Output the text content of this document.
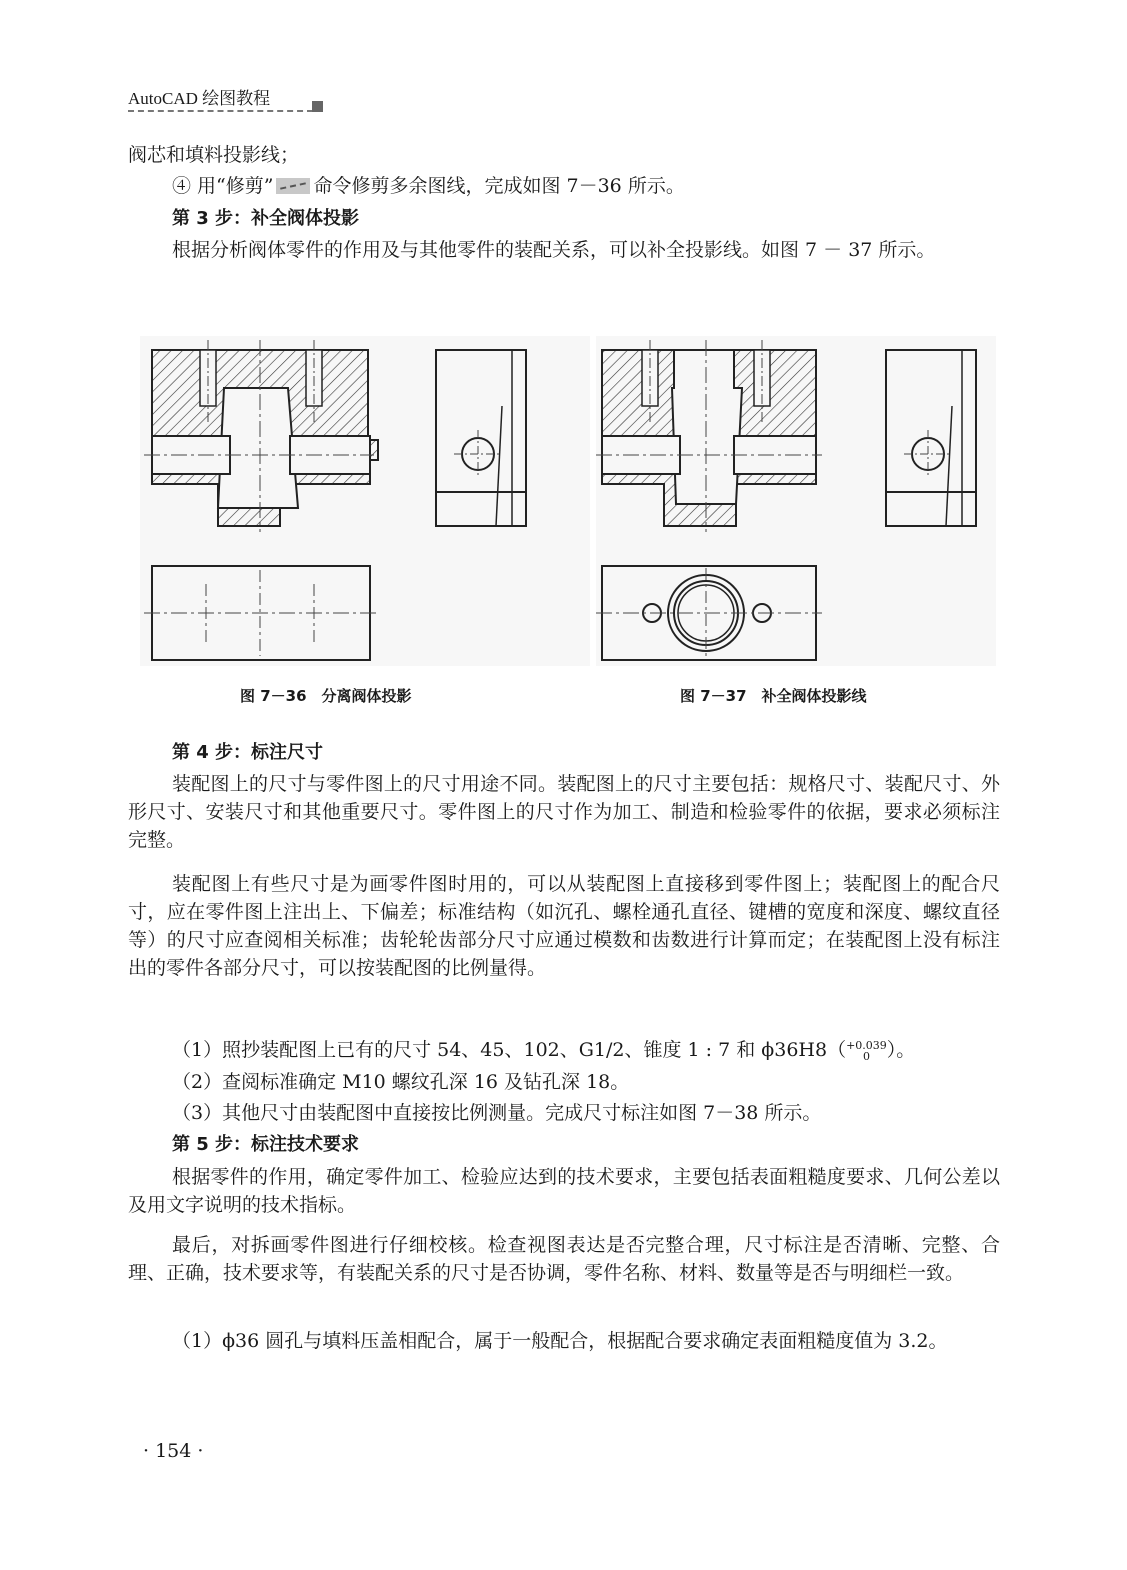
AutoCAD 绘图教程
阀芯和填料投影线；
④ 用“修剪” 命令修剪多余图线，完成如图 7－36 所示。
第 3 步：补全阀体投影
根据分析阀体零件的作用及与其他零件的装配关系，可以补全投影线。如图 7 － 37 所示。
图 7－36　分离阀体投影	图 7－37　补全阀体投影线
第 4 步：标注尺寸
装配图上的尺寸与零件图上的尺寸用途不同。装配图上的尺寸主要包括：规格尺寸、装配尺寸、外形尺寸、安装尺寸和其他重要尺寸。零件图上的尺寸作为加工、制造和检验零件的依据，要求必须标注完整。
装配图上有些尺寸是为画零件图时用的，可以从装配图上直接移到零件图上；装配图上的配合尺寸，应在零件图上注出上、下偏差；标准结构（如沉孔、螺栓通孔直径、键槽的宽度和深度、螺纹直径等）的尺寸应查阅相关标准；齿轮轮齿部分尺寸应通过模数和齿数进行计算而定；在装配图上没有标注出的零件各部分尺寸，可以按装配图的比例量得。
（1）照抄装配图上已有的尺寸 54、45、102、G1/2、锥度 1 : 7 和 ϕ36H8（ +0.039
0 ）。
（2）查阅标准确定 M10 螺纹孔深 16 及钻孔深 18。
（3）其他尺寸由装配图中直接按比例测量。完成尺寸标注如图 7－38 所示。
第 5 步：标注技术要求
根据零件的作用，确定零件加工、检验应达到的技术要求，主要包括表面粗糙度要求、几何公差以及用文字说明的技术指标。
最后，对拆画零件图进行仔细校核。检查视图表达是否完整合理，尺寸标注是否清晰、完整、合理、正确，技术要求等，有装配关系的尺寸是否协调，零件名称、材料、数量等是否与明细栏一致。
（1）ϕ36 圆孔与填料压盖相配合，属于一般配合，根据配合要求确定表面粗糙度值为 3.2。
· 154 ·
